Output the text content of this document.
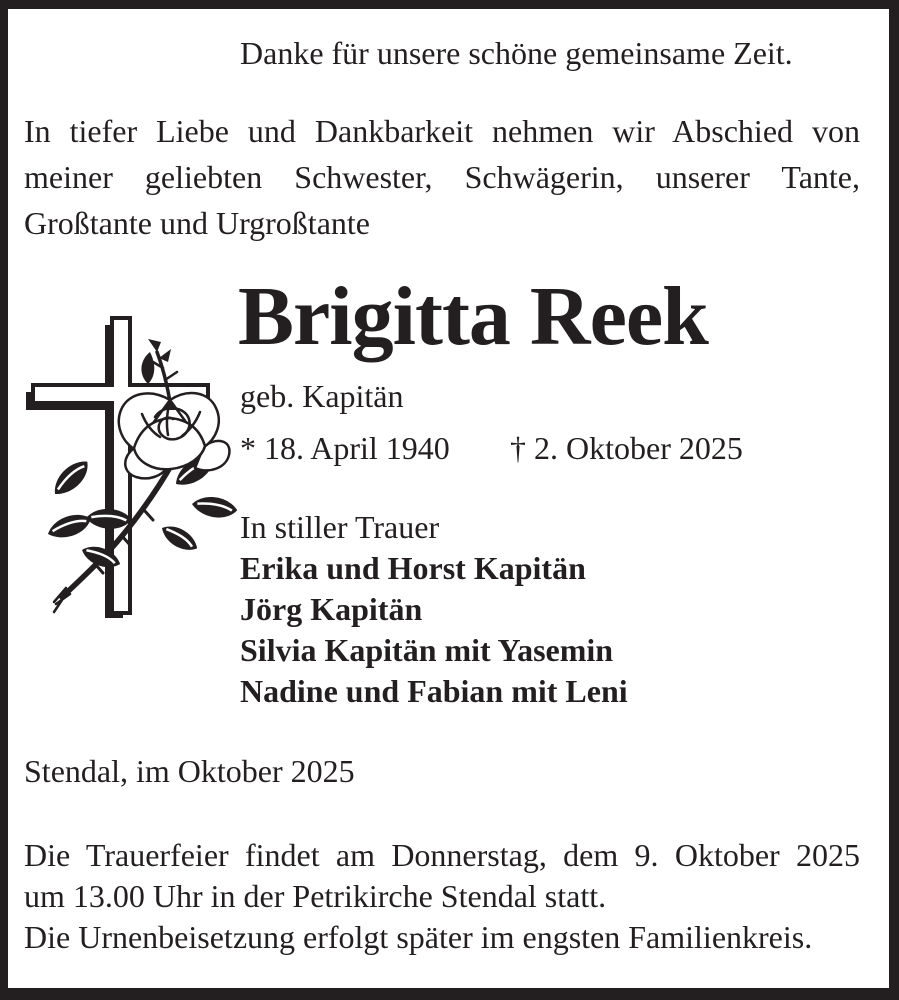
Danke für unsere schöne gemeinsame Zeit.
In tiefer Liebe und Dankbarkeit nehmen wir Abschied von
meiner geliebten Schwester, Schwägerin, unserer Tante,
Großtante und Urgroßtante
Brigitta Reek
geb. Kapitän
* 18. April 1940 † 2. Oktober 2025
In stiller Trauer
Erika und Horst Kapitän
Jörg Kapitän
Silvia Kapitän mit Yasemin
Nadine und Fabian mit Leni
Stendal, im Oktober 2025
Die Trauerfeier findet am Donnerstag, dem 9. Oktober 2025
um 13.00 Uhr in der Petrikirche Stendal statt.
Die Urnenbeisetzung erfolgt später im engsten Familienkreis.
